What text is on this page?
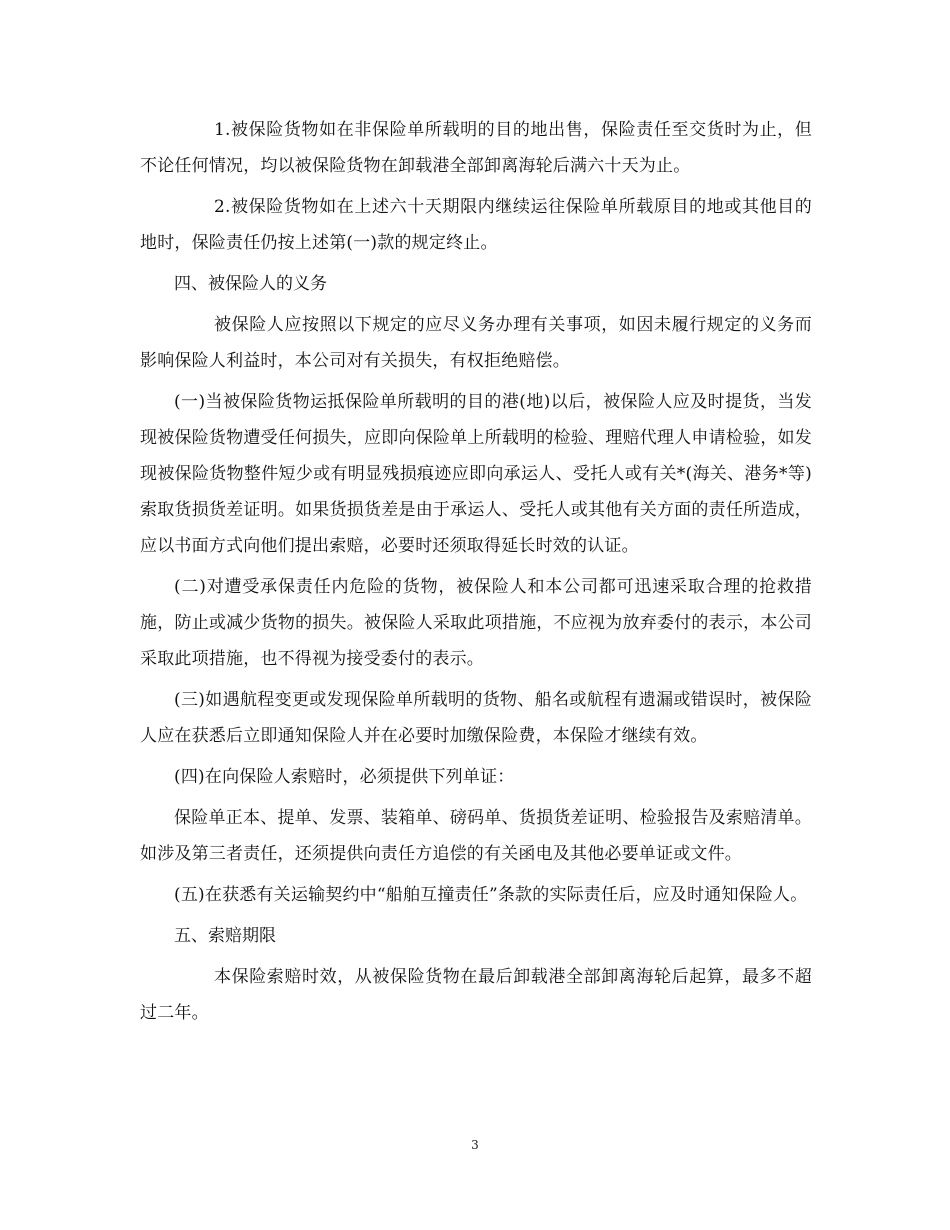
1.被保险货物如在非保险单所载明的目的地出售，保险责任至交货时为止，但不论任何情况，均以被保险货物在卸载港全部卸离海轮后满六十天为止。

2.被保险货物如在上述六十天期限内继续运往保险单所载原目的地或其他目的地时，保险责任仍按上述第(一)款的规定终止。

四、被保险人的义务

被保险人应按照以下规定的应尽义务办理有关事项，如因未履行规定的义务而影响保险人利益时，本公司对有关损失，有权拒绝赔偿。

(一)当被保险货物运抵保险单所载明的目的港(地)以后，被保险人应及时提货，当发现被保险货物遭受任何损失，应即向保险单上所载明的检验、理赔代理人申请检验，如发现被保险货物整件短少或有明显残损痕迹应即向承运人、受托人或有关*(海关、港务*等)索取货损货差证明。如果货损货差是由于承运人、受托人或其他有关方面的责任所造成，应以书面方式向他们提出索赔，必要时还须取得延长时效的认证。

(二)对遭受承保责任内危险的货物，被保险人和本公司都可迅速采取合理的抢救措施，防止或减少货物的损失。被保险人采取此项措施，不应视为放弃委付的表示，本公司采取此项措施，也不得视为接受委付的表示。

(三)如遇航程变更或发现保险单所载明的货物、船名或航程有遗漏或错误时，被保险人应在获悉后立即通知保险人并在必要时加缴保险费，本保险才继续有效。

(四)在向保险人索赔时，必须提供下列单证：

保险单正本、提单、发票、装箱单、磅码单、货损货差证明、检验报告及索赔清单。如涉及第三者责任，还须提供向责任方追偿的有关函电及其他必要单证或文件。

(五)在获悉有关运输契约中“船舶互撞责任”条款的实际责任后，应及时通知保险人。

五、索赔期限

本保险索赔时效，从被保险货物在最后卸载港全部卸离海轮后起算，最多不超过二年。

3
